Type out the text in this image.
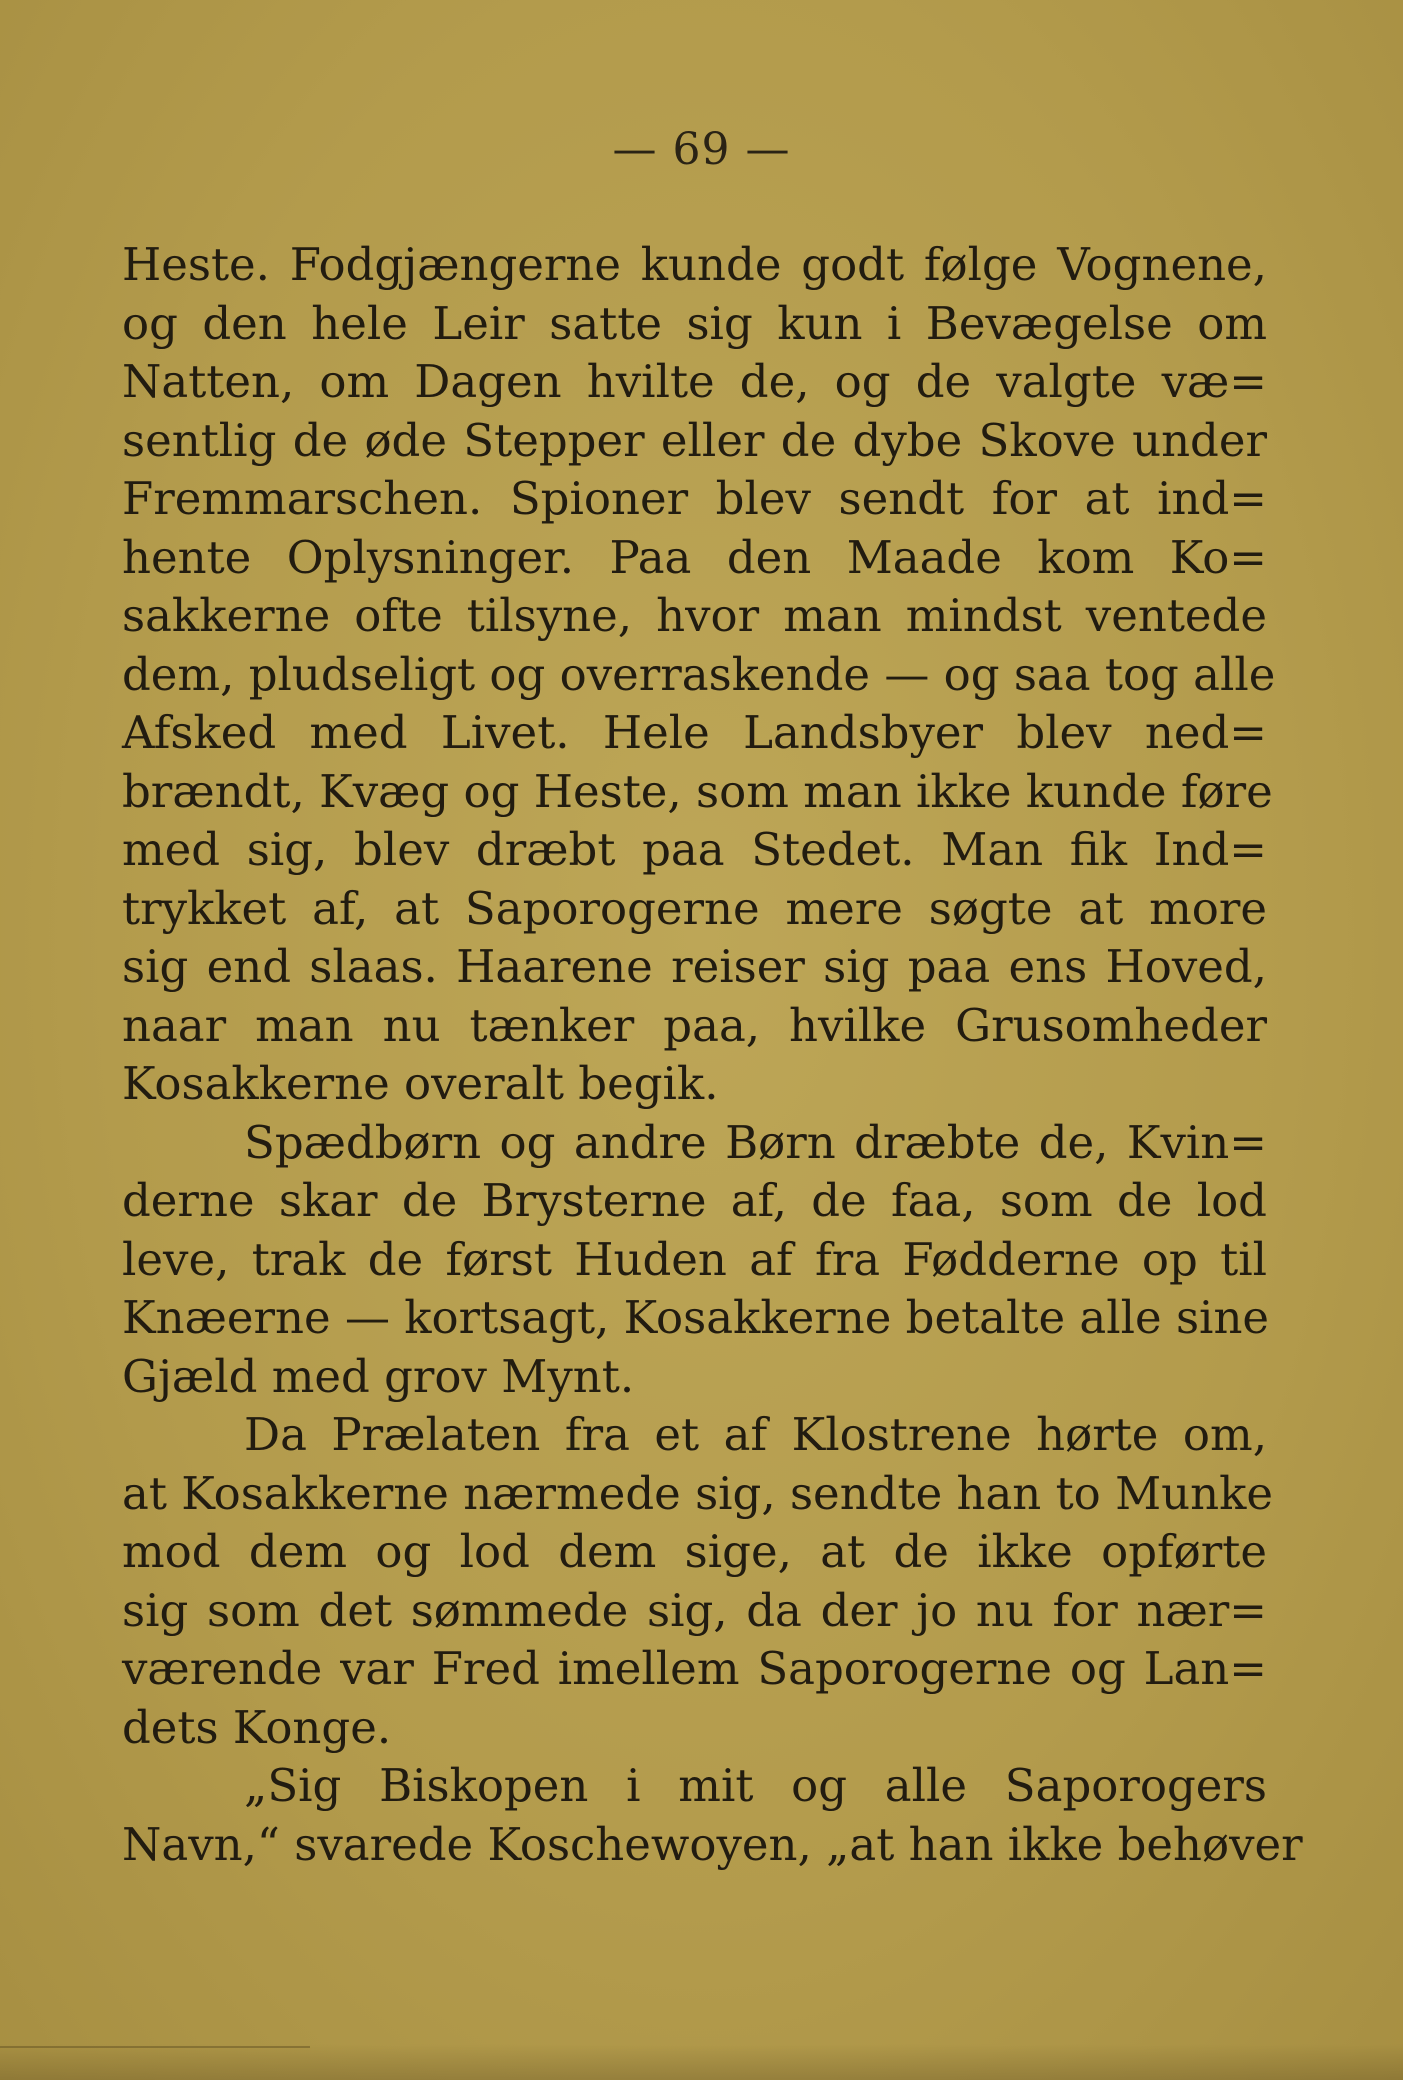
— 69 —
Heste. Fodgjængerne kunde godt følge Vognene,
og den hele Leir satte sig kun i Bevægelse om
Natten, om Dagen hvilte de, og de valgte væ=
sentlig de øde Stepper eller de dybe Skove under
Fremmarschen. Spioner blev sendt for at ind=
hente Oplysninger. Paa den Maade kom Ko=
sakkerne ofte tilsyne, hvor man mindst ventede
dem, pludseligt og overraskende — og saa tog alle
Afsked med Livet. Hele Landsbyer blev ned=
brændt, Kvæg og Heste, som man ikke kunde føre
med sig, blev dræbt paa Stedet. Man fik Ind=
trykket af, at Saporogerne mere søgte at more
sig end slaas. Haarene reiser sig paa ens Hoved,
naar man nu tænker paa, hvilke Grusomheder
Kosakkerne overalt begik.
Spædbørn og andre Børn dræbte de, Kvin=
derne skar de Brysterne af, de faa, som de lod
leve, trak de først Huden af fra Fødderne op til
Knæerne — kortsagt, Kosakkerne betalte alle sine
Gjæld med grov Mynt.
Da Prælaten fra et af Klostrene hørte om,
at Kosakkerne nærmede sig, sendte han to Munke
mod dem og lod dem sige, at de ikke opførte
sig som det sømmede sig, da der jo nu for nær=
værende var Fred imellem Saporogerne og Lan=
dets Konge.
„Sig Biskopen i mit og alle Saporogers
Navn,“ svarede Koschewoyen, „at han ikke behøver
